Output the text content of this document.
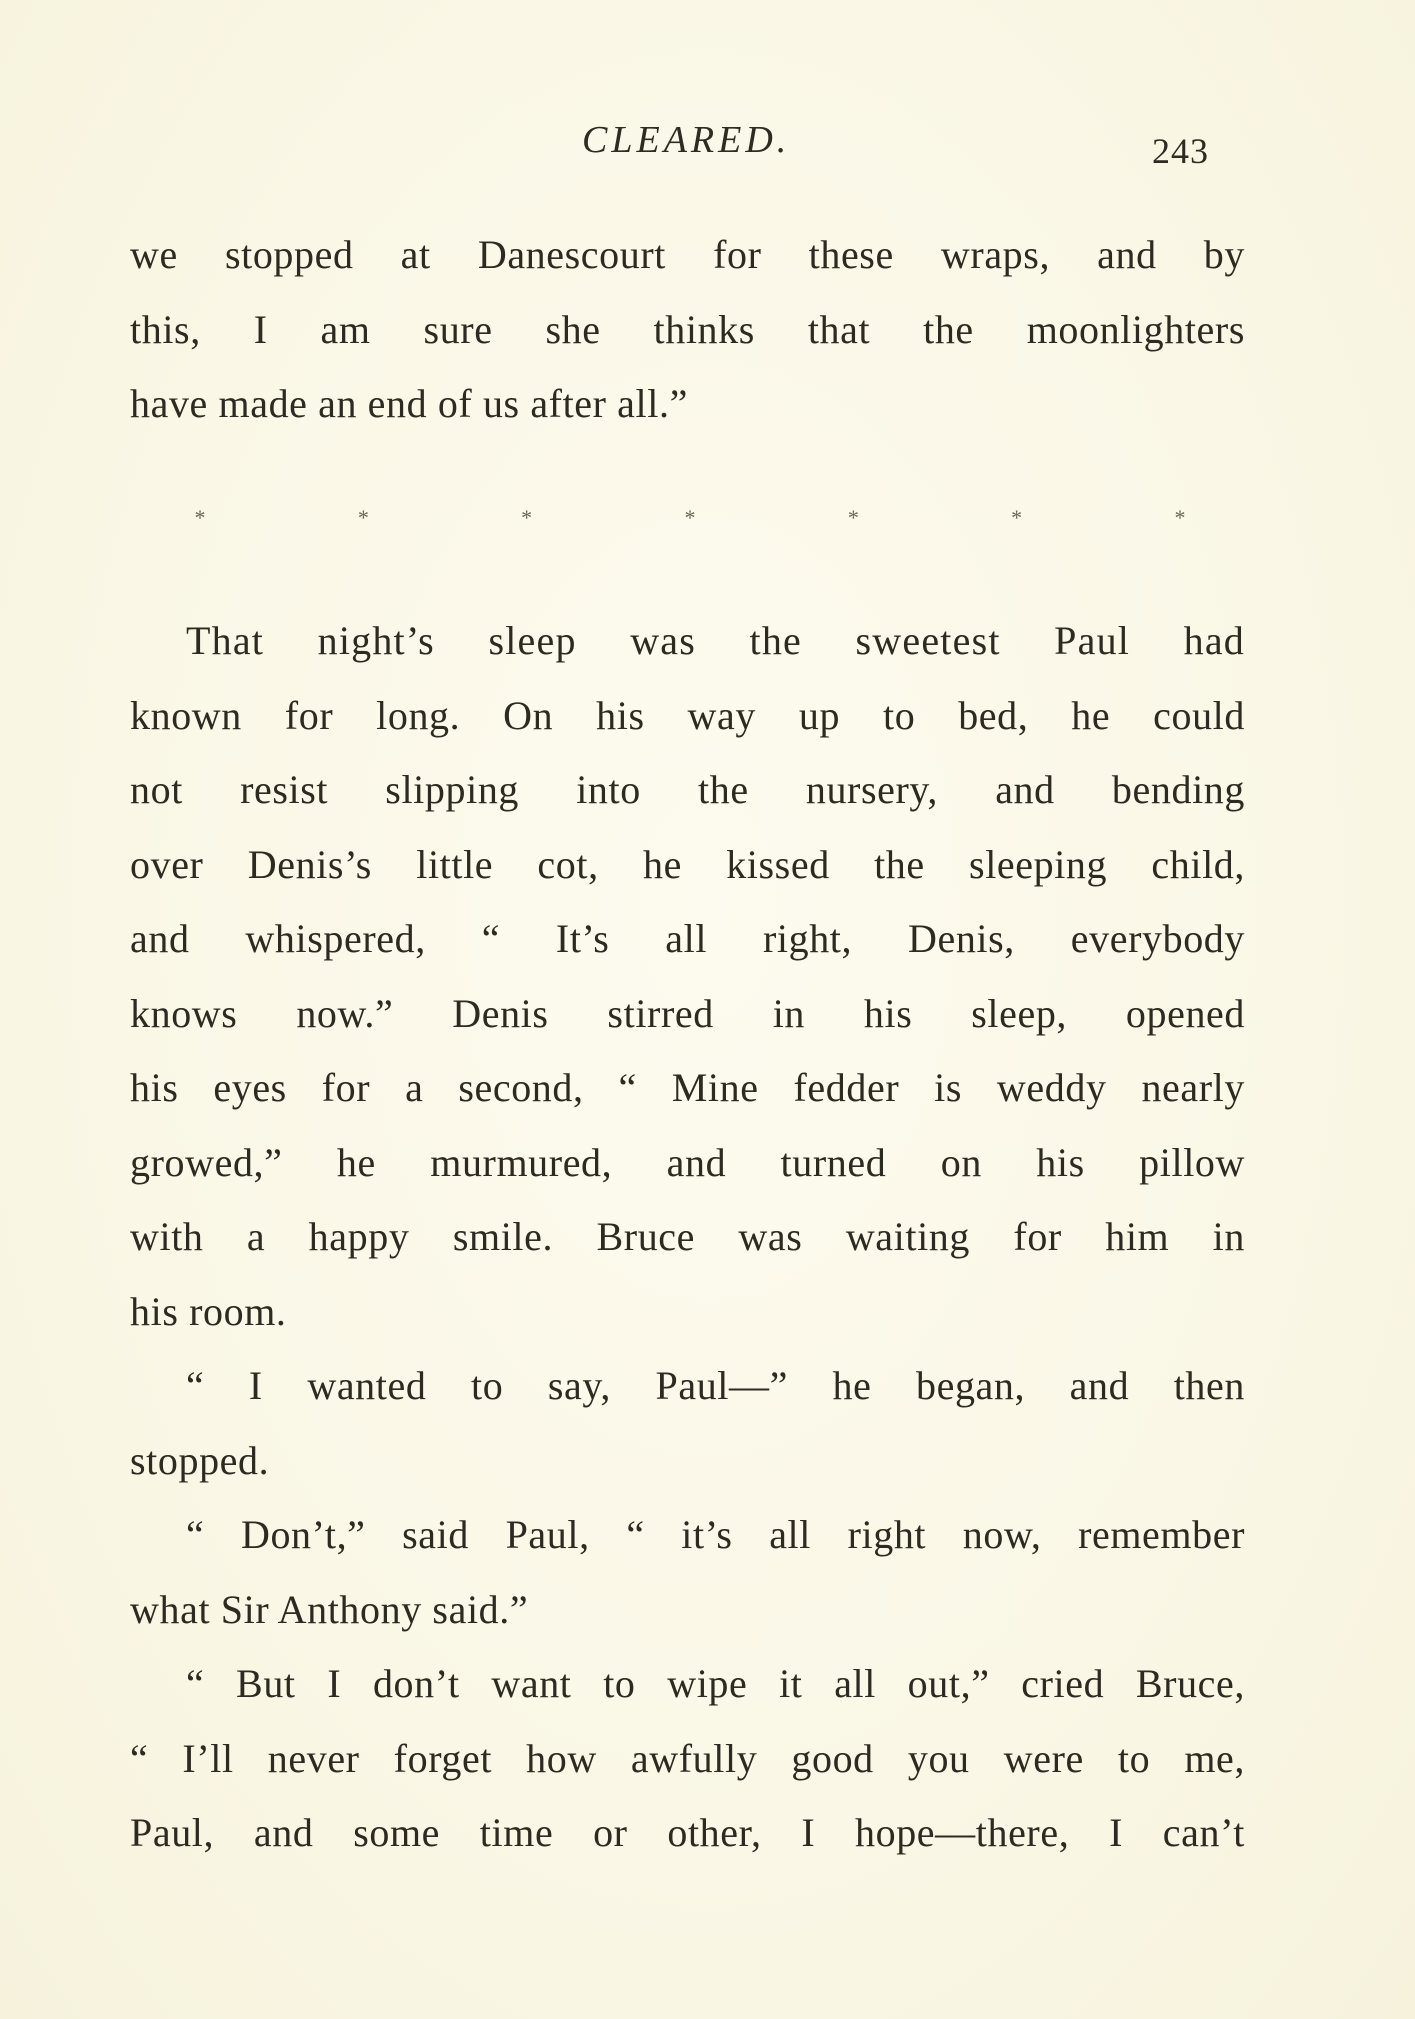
CLEARED.	243
we stopped at Danescourt for these wraps, and by
this, I am sure she thinks that the moonlighters
have made an end of us after all.”
*	*	*	*	*	*	*
That night’s sleep was the sweetest Paul had
known for long. On his way up to bed, he could
not resist slipping into the nursery, and bending
over Denis’s little cot, he kissed the sleeping child,
and whispered, “ It’s all right, Denis, everybody
knows now.” Denis stirred in his sleep, opened
his eyes for a second, “ Mine fedder is weddy nearly
growed,” he murmured, and turned on his pillow
with a happy smile. Bruce was waiting for him in
his room.
“ I wanted to say, Paul—” he began, and then
stopped.
“ Don’t,” said Paul, “ it’s all right now, remember
what Sir Anthony said.”
“ But I don’t want to wipe it all out,” cried Bruce,
“ I’ll never forget how awfully good you were to me,
Paul, and some time or other, I hope—there, I can’t
